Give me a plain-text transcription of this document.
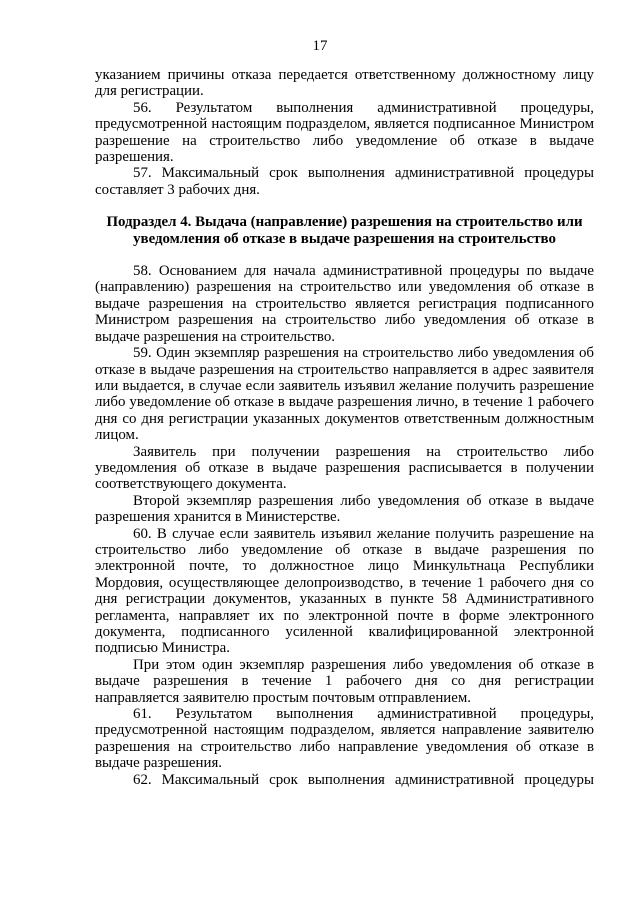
17

указанием причины отказа передается ответственному должностному лицу для регистрации.

56. Результатом выполнения административной процедуры, предусмотренной настоящим подразделом, является подписанное Министром разрешение на строительство либо уведомление об отказе в выдаче разрешения.

57. Максимальный срок выполнения административной процедуры составляет 3 рабочих дня.

Подраздел 4. Выдача (направление) разрешения на строительство или уведомления об отказе в выдаче разрешения на строительство

58. Основанием для начала административной процедуры по выдаче (направлению) разрешения на строительство или уведомления об отказе в выдаче разрешения на строительство является регистрация подписанного Министром разрешения на строительство либо уведомления об отказе в выдаче разрешения на строительство.

59. Один экземпляр разрешения на строительство либо уведомления об отказе в выдаче разрешения на строительство направляется в адрес заявителя или выдается, в случае если заявитель изъявил желание получить разрешение либо уведомление об отказе в выдаче разрешения лично, в течение 1 рабочего дня со дня регистрации указанных документов ответственным должностным лицом.

Заявитель при получении разрешения на строительство либо уведомления об отказе в выдаче разрешения расписывается в получении соответствующего документа.

Второй экземпляр разрешения либо уведомления об отказе в выдаче разрешения хранится в Министерстве.

60. В случае если заявитель изъявил желание получить разрешение на строительство либо уведомление об отказе в выдаче разрешения по электронной почте, то должностное лицо Минкультнаца Республики Мордовия, осуществляющее делопроизводство, в течение 1 рабочего дня со дня регистрации документов, указанных в пункте 58 Административного регламента, направляет их по электронной почте в форме электронного документа, подписанного усиленной квалифицированной электронной подписью Министра.

При этом один экземпляр разрешения либо уведомления об отказе в выдаче разрешения в течение 1 рабочего дня со дня регистрации направляется заявителю простым почтовым отправлением.

61. Результатом выполнения административной процедуры, предусмотренной настоящим подразделом, является направление заявителю разрешения на строительство либо направление уведомления об отказе в выдаче разрешения.

62. Максимальный срок выполнения административной процедуры
